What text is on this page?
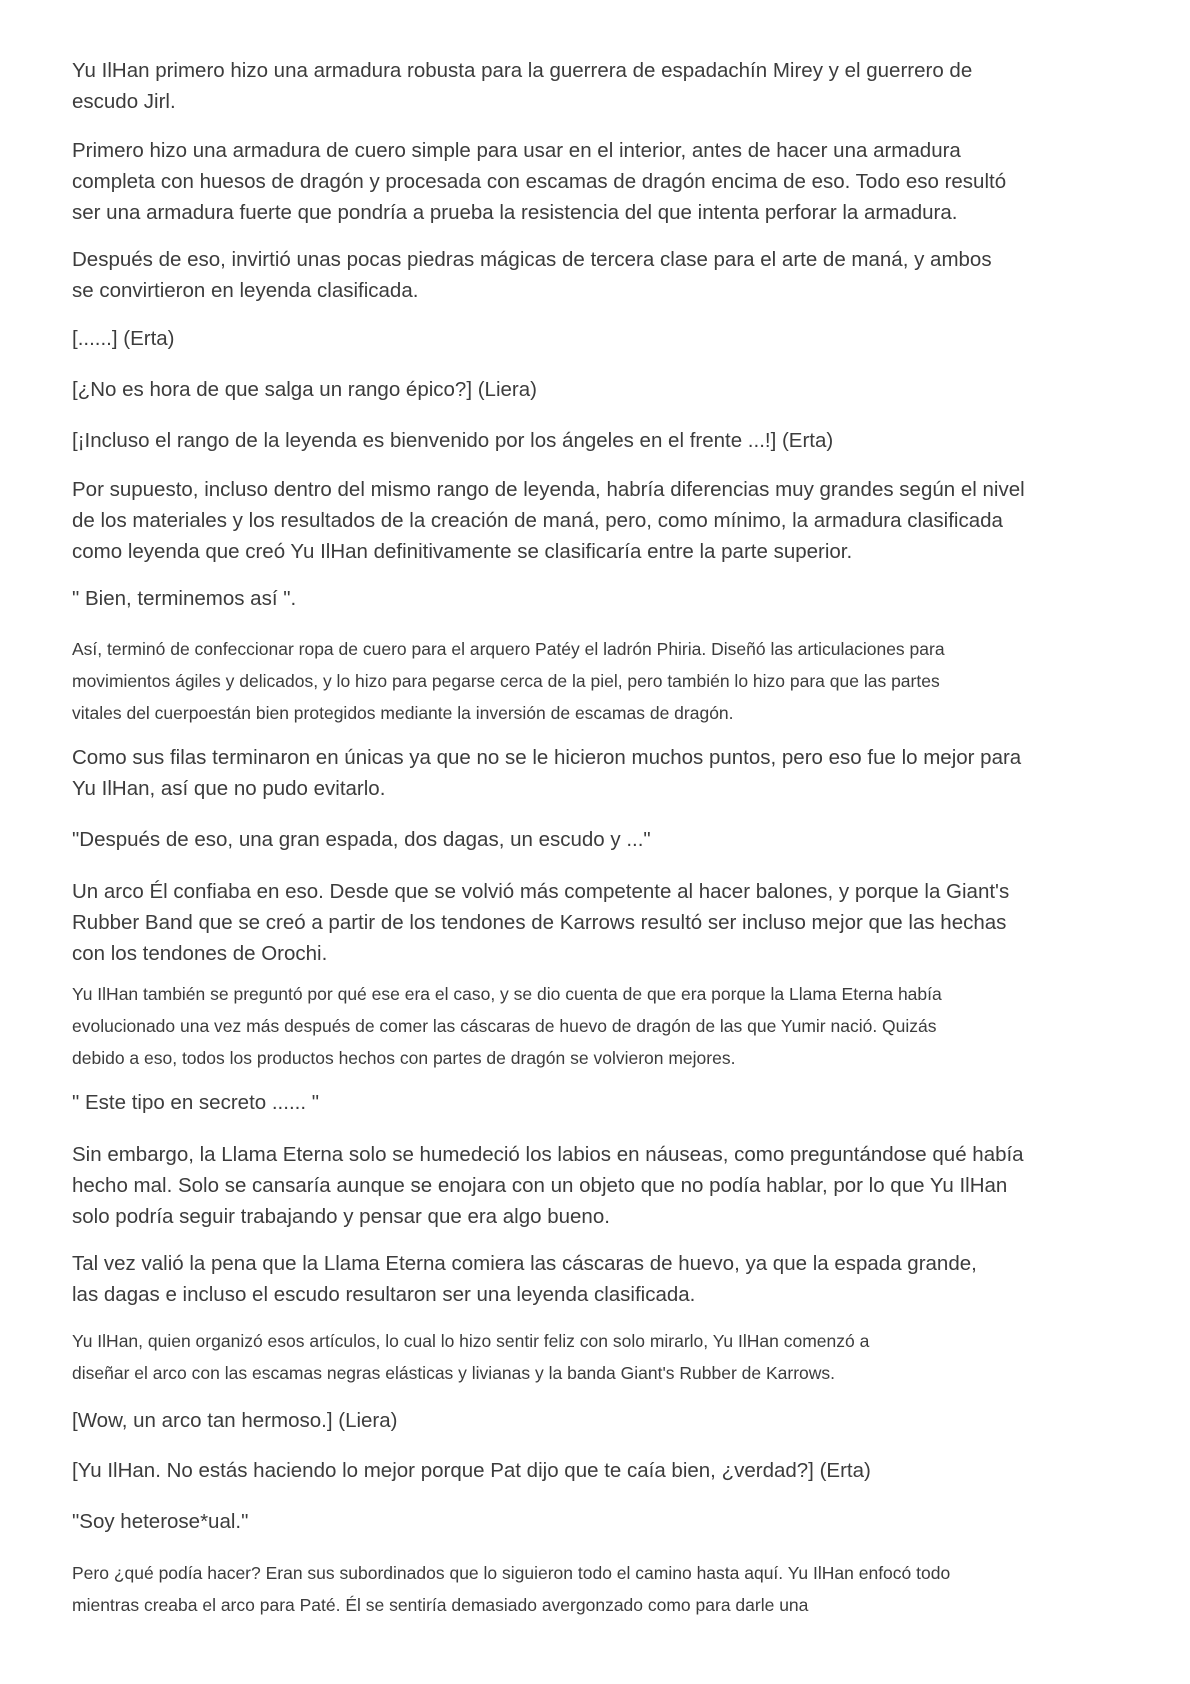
Yu IlHan primero hizo una armadura robusta para la guerrera de espadachín Mirey y el guerrero de
escudo Jirl.
Primero hizo una armadura de cuero simple para usar en el interior, antes de hacer una armadura
completa con huesos de dragón y procesada con escamas de dragón encima de eso. Todo eso resultó
ser una armadura fuerte que pondría a prueba la resistencia del que intenta perforar la armadura.
Después de eso, invirtió unas pocas piedras mágicas de tercera clase para el arte de maná, y ambos
se convirtieron en leyenda clasificada.
[......] (Erta)
[¿No es hora de que salga un rango épico?] (Liera)
[¡Incluso el rango de la leyenda es bienvenido por los ángeles en el frente ...!] (Erta)
Por supuesto, incluso dentro del mismo rango de leyenda, habría diferencias muy grandes según el nivel
de los materiales y los resultados de la creación de maná, pero, como mínimo, la armadura clasificada
como leyenda que creó Yu IlHan definitivamente se clasificaría entre la parte superior.
" Bien, terminemos así ".
Así, terminó de confeccionar ropa de cuero para el arquero Patéy el ladrón Phiria. Diseñó las articulaciones para
movimientos ágiles y delicados, y lo hizo para pegarse cerca de la piel, pero también lo hizo para que las partes
vitales del cuerpoestán bien protegidos mediante la inversión de escamas de dragón.
Como sus filas terminaron en únicas ya que no se le hicieron muchos puntos, pero eso fue lo mejor para
Yu IlHan, así que no pudo evitarlo.
"Después de eso, una gran espada, dos dagas, un escudo y ..."
Un arco Él confiaba en eso. Desde que se volvió más competente al hacer balones, y porque la Giant's
Rubber Band que se creó a partir de los tendones de Karrows resultó ser incluso mejor que las hechas
con los tendones de Orochi.
Yu IlHan también se preguntó por qué ese era el caso, y se dio cuenta de que era porque la Llama Eterna había
evolucionado una vez más después de comer las cáscaras de huevo de dragón de las que Yumir nació. Quizás
debido a eso, todos los productos hechos con partes de dragón se volvieron mejores.
" Este tipo en secreto ...... "
Sin embargo, la Llama Eterna solo se humedeció los labios en náuseas, como preguntándose qué había
hecho mal. Solo se cansaría aunque se enojara con un objeto que no podía hablar, por lo que Yu IlHan
solo podría seguir trabajando y pensar que era algo bueno.
Tal vez valió la pena que la Llama Eterna comiera las cáscaras de huevo, ya que la espada grande,
las dagas e incluso el escudo resultaron ser una leyenda clasificada.
Yu IlHan, quien organizó esos artículos, lo cual lo hizo sentir feliz con solo mirarlo, Yu IlHan comenzó a
diseñar el arco con las escamas negras elásticas y livianas y la banda Giant's Rubber de Karrows.
[Wow, un arco tan hermoso.] (Liera)
[Yu IlHan. No estás haciendo lo mejor porque Pat dijo que te caía bien, ¿verdad?] (Erta)
"Soy heterose*ual."
Pero ¿qué podía hacer? Eran sus subordinados que lo siguieron todo el camino hasta aquí. Yu IlHan enfocó todo
mientras creaba el arco para Paté. Él se sentiría demasiado avergonzado como para darle una
